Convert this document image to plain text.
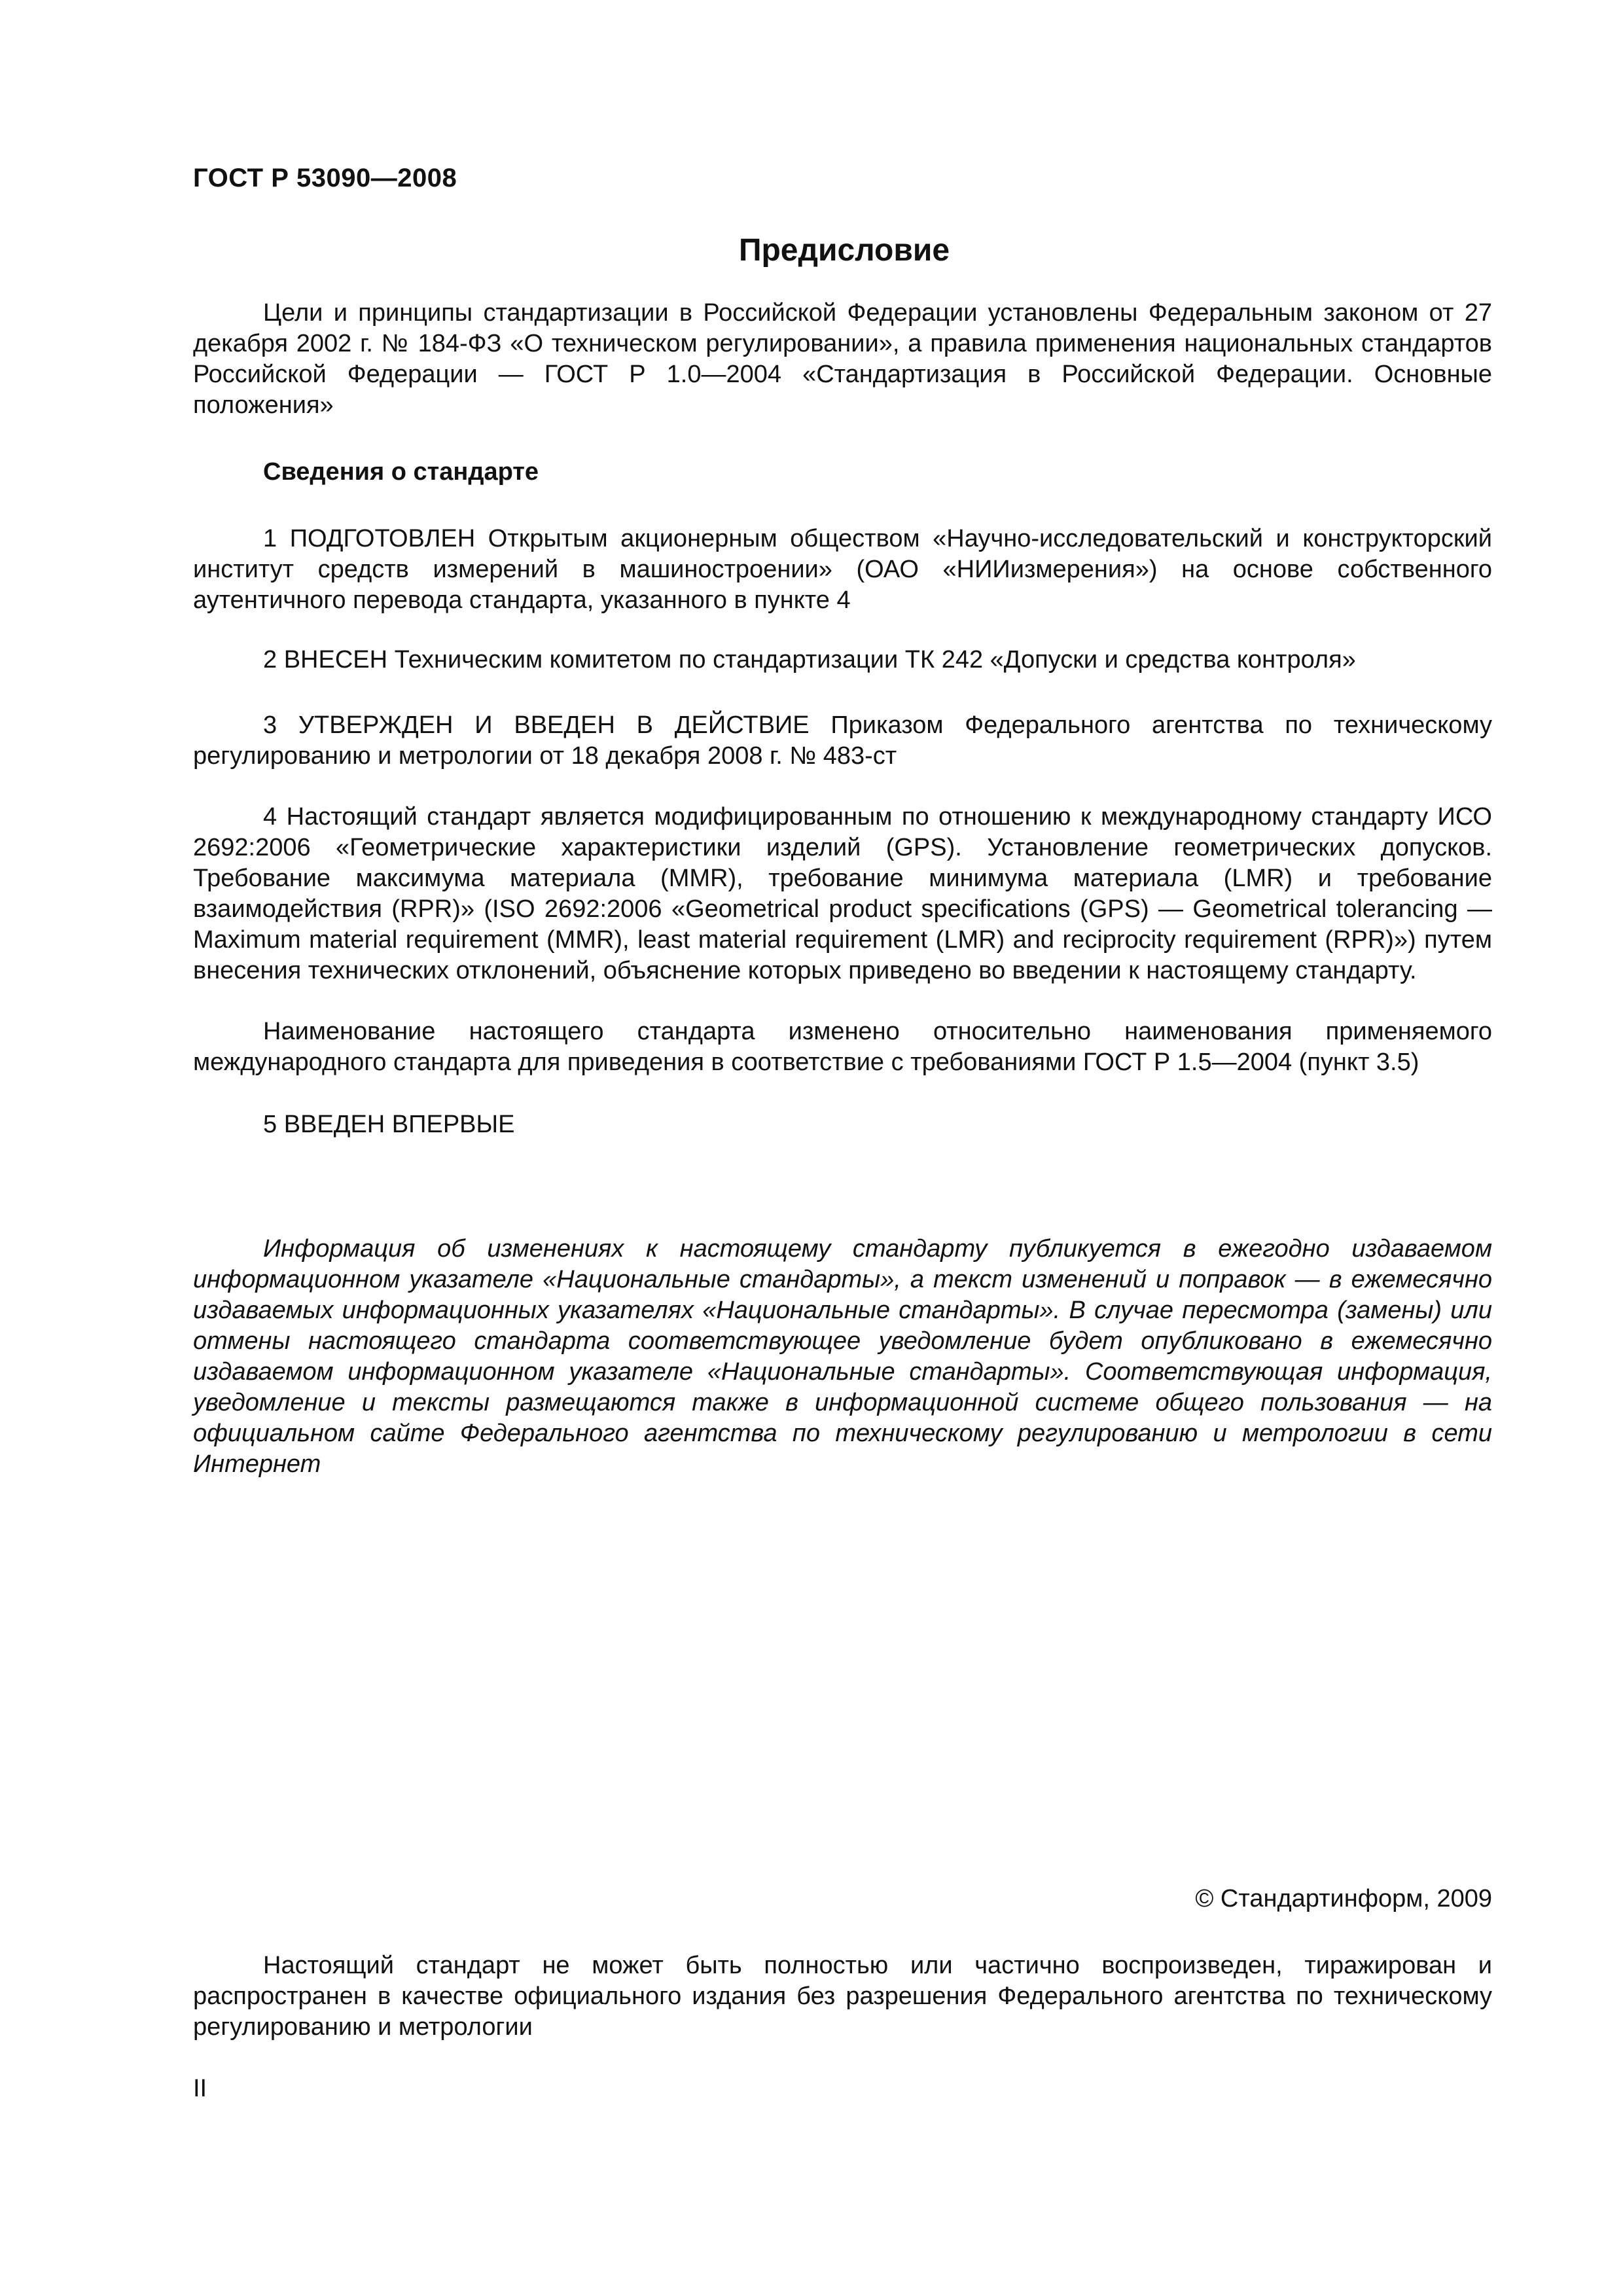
ГОСТ Р 53090—2008
Предисловие

Цели и принципы стандартизации в Российской Федерации установлены Федеральным законом от 27 декабря 2002 г. № 184-ФЗ «О техническом регулировании», а правила применения национальных стандартов Российской Федерации — ГОСТ Р 1.0—2004 «Стандартизация в Российской Федерации. Основные положения»

Сведения о стандарте

1 ПОДГОТОВЛЕН Открытым акционерным обществом «Научно-исследовательский и конструкторский институт средств измерений в машиностроении» (ОАО «НИИизмерения») на основе собственного аутентичного перевода стандарта, указанного в пункте 4

2 ВНЕСЕН Техническим комитетом по стандартизации ТК 242 «Допуски и средства контроля»

3 УТВЕРЖДЕН И ВВЕДЕН В ДЕЙСТВИЕ Приказом Федерального агентства по техническому регулированию и метрологии от 18 декабря 2008 г. № 483-ст

4 Настоящий стандарт является модифицированным по отношению к международному стандарту ИСО 2692:2006 «Геометрические характеристики изделий (GPS). Установление геометрических допусков. Требование максимума материала (MMR), требование минимума материала (LMR) и требование взаимодействия (RPR)» (ISO 2692:2006 «Geometrical product specifications (GPS) — Geometrical tolerancing — Maximum material requirement (MMR), least material requirement (LMR) and reciprocity requirement (RPR)») путем внесения технических отклонений, объяснение которых приведено во введении к настоящему стандарту.

Наименование настоящего стандарта изменено относительно наименования применяемого международного стандарта для приведения в соответствие с требованиями ГОСТ Р 1.5—2004 (пункт 3.5)

5 ВВЕДЕН ВПЕРВЫЕ

Информация об изменениях к настоящему стандарту публикуется в ежегодно издаваемом информационном указателе «Национальные стандарты», а текст изменений и поправок — в ежемесячно издаваемых информационных указателях «Национальные стандарты». В случае пересмотра (замены) или отмены настоящего стандарта соответствующее уведомление будет опубликовано в ежемесячно издаваемом информационном указателе «Национальные стандарты». Соответствующая информация, уведомление и тексты размещаются также в информационной системе общего пользования — на официальном сайте Федерального агентства по техническому регулированию и метрологии в сети Интернет

© Стандартинформ, 2009

Настоящий стандарт не может быть полностью или частично воспроизведен, тиражирован и распространен в качестве официального издания без разрешения Федерального агентства по техническому регулированию и метрологии

II
